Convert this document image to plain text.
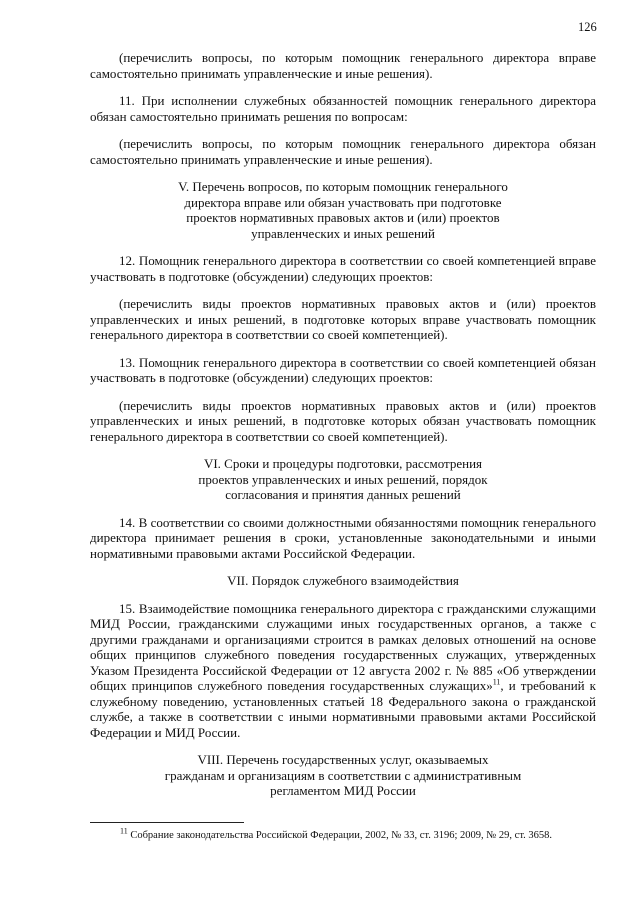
126

(перечислить вопросы, по которым помощник генерального директора вправе самостоятельно принимать управленческие и иные решения).

11. При исполнении служебных обязанностей помощник генерального директора обязан самостоятельно принимать решения по вопросам:

(перечислить вопросы, по которым помощник генерального директора обязан самостоятельно принимать управленческие и иные решения).

V. Перечень вопросов, по которым помощник генерального
директора вправе или обязан участвовать при подготовке
проектов нормативных правовых актов и (или) проектов
управленческих и иных решений

12. Помощник генерального директора в соответствии со своей компетенцией вправе участвовать в подготовке (обсуждении) следующих проектов:

(перечислить виды проектов нормативных правовых актов и (или) проектов управленческих и иных решений, в подготовке которых вправе участвовать помощник генерального директора в соответствии со своей компетенцией).

13. Помощник генерального директора в соответствии со своей компетенцией обязан участвовать в подготовке (обсуждении) следующих проектов:

(перечислить виды проектов нормативных правовых актов и (или) проектов управленческих и иных решений, в подготовке которых обязан участвовать помощник генерального директора в соответствии со своей компетенцией).

VI. Сроки и процедуры подготовки, рассмотрения
проектов управленческих и иных решений, порядок
согласования и принятия данных решений

14. В соответствии со своими должностными обязанностями помощник генерального директора принимает решения в сроки, установленные законодательными и иными нормативными правовыми актами Российской Федерации.

VII. Порядок служебного взаимодействия

15. Взаимодействие помощника генерального директора с гражданскими служащими МИД России, гражданскими служащими иных государственных органов, а также с другими гражданами и организациями строится в рамках деловых отношений на основе общих принципов служебного поведения государственных служащих, утвержденных Указом Президента Российской Федерации от 12 августа 2002 г. № 885 «Об утверждении общих принципов служебного поведения государственных служащих»$^{11}$, и требований к служебному поведению, установленных статьей 18 Федерального закона о гражданской службе, а также в соответствии с иными нормативными правовыми актами Российской Федерации и МИД России.

VIII. Перечень государственных услуг, оказываемых
гражданам и организациям в соответствии с административным
регламентом МИД России
$^{11}$ Собрание законодательства Российской Федерации, 2002, № 33, ст. 3196; 2009, № 29, ст. 3658.
